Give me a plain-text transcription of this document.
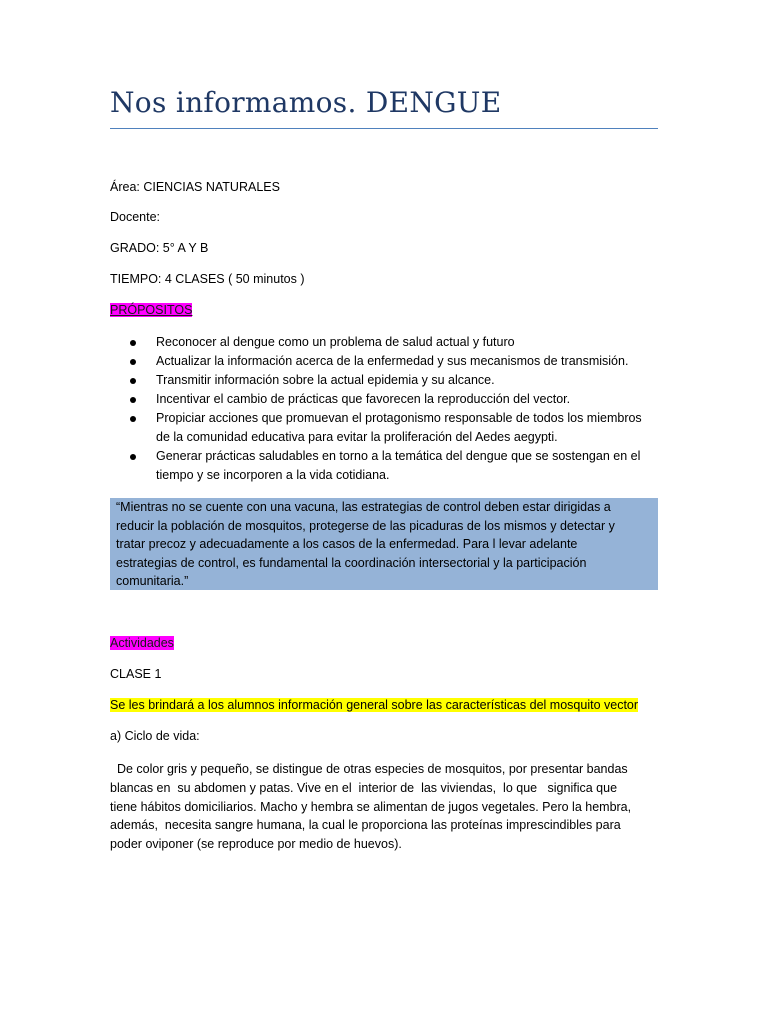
Nos informamos. DENGUE
Área: CIENCIAS NATURALES
Docente:
GRADO: 5° A Y B
TIEMPO: 4 CLASES ( 50 minutos )
PRÓPOSITOS
Reconocer al dengue como un problema de salud actual y futuro
Actualizar la información acerca de la enfermedad y sus mecanismos de transmisión.
Transmitir información sobre la actual epidemia y su alcance.
Incentivar el cambio de prácticas que favorecen la reproducción del vector.
Propiciar acciones que promuevan el protagonismo responsable de todos los miembros de la comunidad educativa para evitar la proliferación del Aedes aegypti.
Generar prácticas saludables en torno a la temática del dengue que se sostengan en el tiempo y se incorporen a la vida cotidiana.

“Mientras no se cuente con una vacuna, las estrategias de control deben estar dirigidas a

reducir la población de mosquitos, protegerse de las picaduras de los mismos y detectar y

tratar precoz y adecuadamente a los casos de la enfermedad. Para l levar adelante

estrategias de control, es fundamental la coordinación intersectorial y la participación

comunitaria.”

Actividades
CLASE 1
Se les brindará a los alumnos información general sobre las características del mosquito vector
a) Ciclo de vida:

De color gris y pequeño, se distingue de otras especies de mosquitos, por presentar bandas

blancas en  su abdomen y patas. Vive en el  interior de  las viviendas,  lo que   significa que

tiene hábitos domiciliarios. Macho y hembra se alimentan de jugos vegetales. Pero la hembra,

además,  necesita sangre humana, la cual le proporciona las proteínas imprescindibles para

poder oviponer (se reproduce por medio de huevos).
